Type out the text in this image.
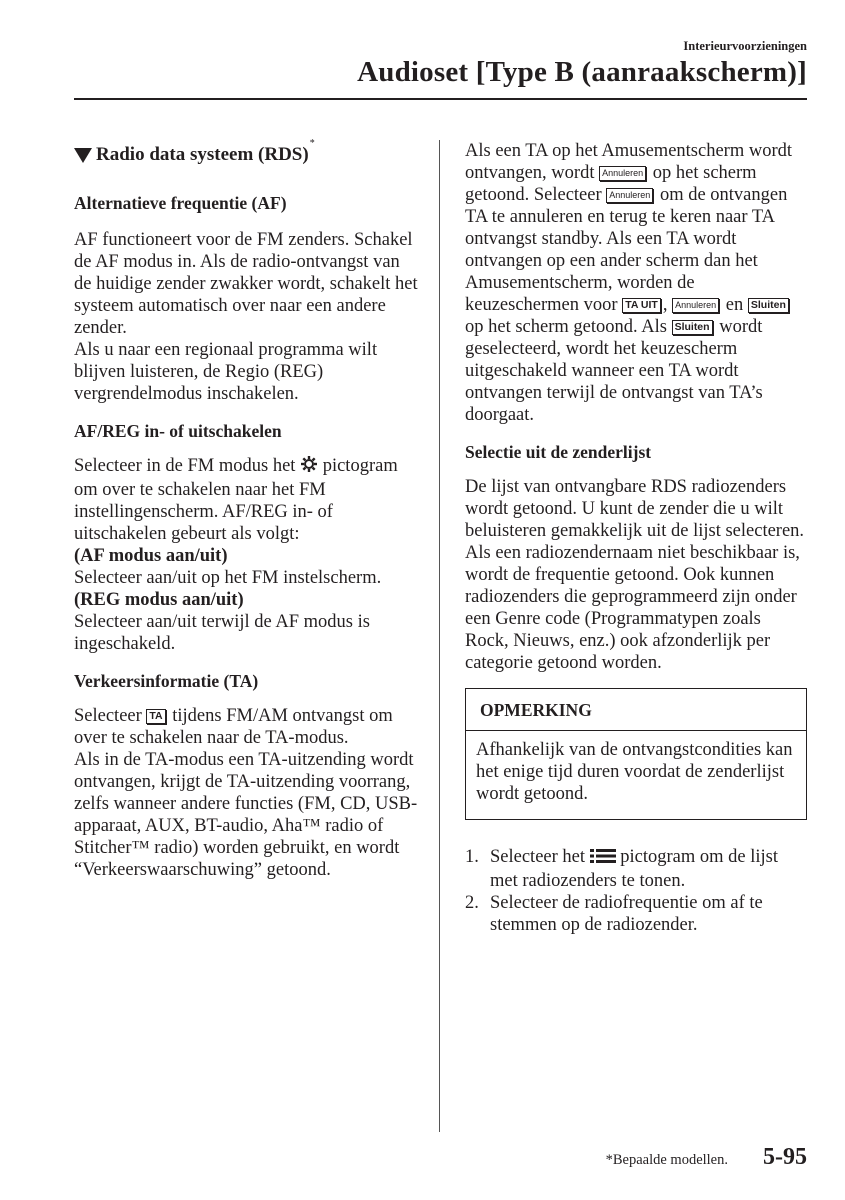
Interieurvoorzieningen
Audioset [Type B (aanraakscherm)]
Radio data systeem (RDS)
*

Alternatieve frequentie (AF)

AF functioneert voor de FM zenders. Schakel de AF modus in. Als de radio-ontvangst van de huidige zender zwakker wordt, schakelt het systeem automatisch over naar een andere zender.

Als u naar een regionaal programma wilt blijven luisteren, de Regio (REG) vergrendelmodus inschakelen.

AF/REG in- of uitschakelen

Selecteer in de FM modus het pictogram om over te schakelen naar het FM instellingenscherm. AF/REG in- of uitschakelen gebeurt als volgt:

(AF modus aan/uit)

Selecteer aan/uit op het FM instelscherm.

(REG modus aan/uit)

Selecteer aan/uit terwijl de AF modus is ingeschakeld.

Verkeersinformatie (TA)

Selecteer TA tijdens FM/AM ontvangst om over te schakelen naar de TA-modus.

Als in de TA-modus een TA-uitzending wordt ontvangen, krijgt de TA-uitzending voorrang, zelfs wanneer andere functies (FM, CD, USB-apparaat, AUX, BT-audio, Aha™ radio of Stitcher™ radio) worden gebruikt, en wordt “Verkeerswaarschuwing” getoond.

Als een TA op het Amusementscherm wordt ontvangen, wordt Annuleren op het scherm getoond. Selecteer Annuleren om de ontvangen TA te annuleren en terug te keren naar TA ontvangst standby. Als een TA wordt ontvangen op een ander scherm dan het Amusementscherm, worden de keuzeschermen voor TA UIT , Annuleren en Sluiten op het scherm getoond. Als Sluiten wordt geselecteerd, wordt het keuzescherm uitgeschakeld wanneer een TA wordt ontvangen terwijl de ontvangst van TA’s doorgaat.

Selectie uit de zenderlijst

De lijst van ontvangbare RDS radiozenders wordt getoond. U kunt de zender die u wilt beluisteren gemakkelijk uit de lijst selecteren. Als een radiozendernaam niet beschikbaar is, wordt de frequentie getoond. Ook kunnen radiozenders die geprogrammeerd zijn onder een Genre code (Programmatypen zoals Rock, Nieuws, enz.) ook afzonderlijk per categorie getoond worden.

OPMERKING
Afhankelijk van de ontvangstcondities kan het enige tijd duren voordat de zenderlijst wordt getoond.
1. Selecteer het pictogram om de lijst met radiozenders te tonen.
2. Selecteer de radiofrequentie om af te stemmen op de radiozender.
*Bepaalde modellen. 5-95
